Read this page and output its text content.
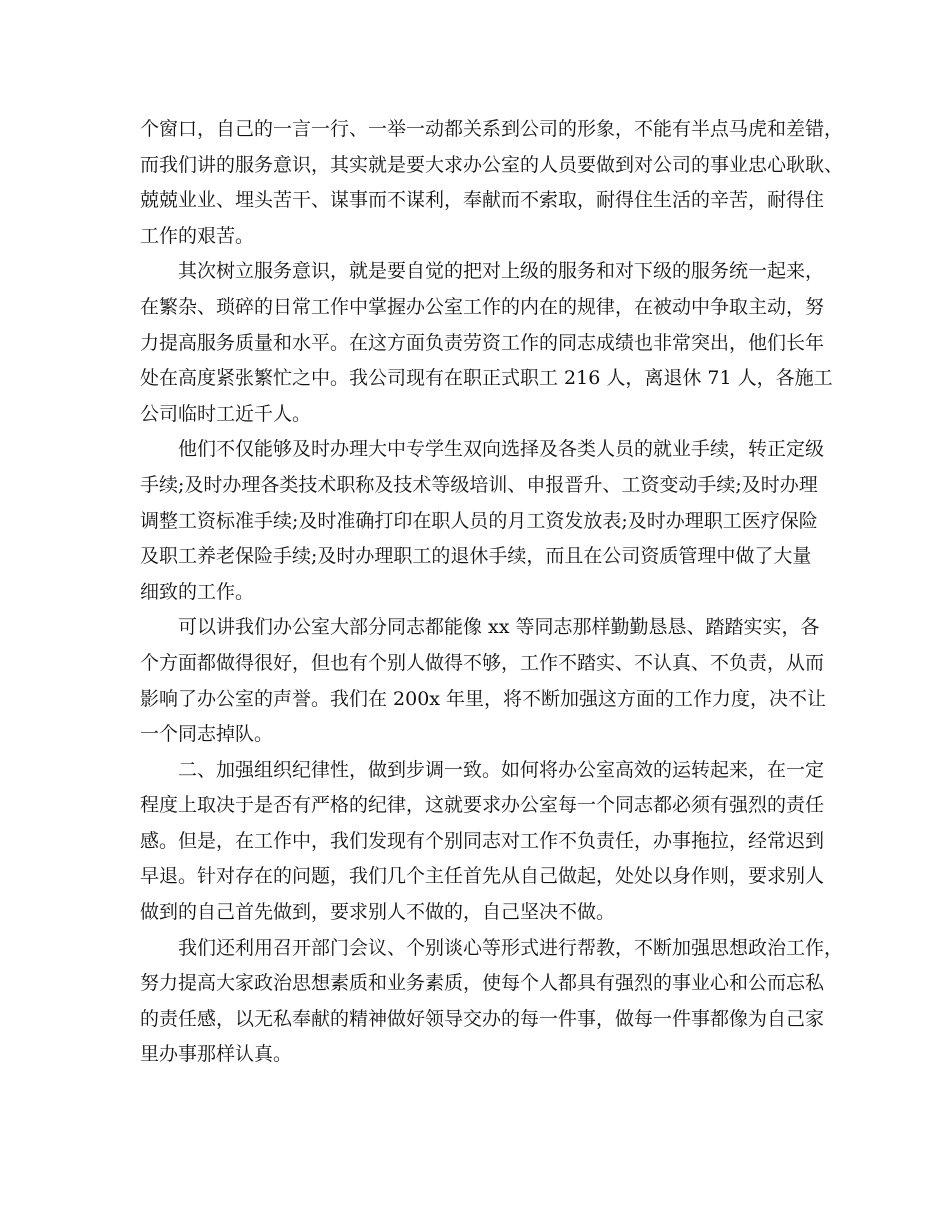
个窗口，自己的一言一行、一举一动都关系到公司的形象，不能有半点马虎和差错，
而我们讲的服务意识，其实就是要大求办公室的人员要做到对公司的事业忠心耿耿、
兢兢业业、埋头苦干、谋事而不谋利，奉献而不索取，耐得住生活的辛苦，耐得住
工作的艰苦。
其次树立服务意识，就是要自觉的把对上级的服务和对下级的服务统一起来，
在繁杂、琐碎的日常工作中掌握办公室工作的内在的规律，在被动中争取主动，努
力提高服务质量和水平。在这方面负责劳资工作的同志成绩也非常突出，他们长年
处在高度紧张繁忙之中。我公司现有在职正式职工 216 人，离退休 71 人，各施工
公司临时工近千人。
他们不仅能够及时办理大中专学生双向选择及各类人员的就业手续，转正定级
手续;及时办理各类技术职称及技术等级培训、申报晋升、工资变动手续;及时办理
调整工资标准手续;及时准确打印在职人员的月工资发放表;及时办理职工医疗保险
及职工养老保险手续;及时办理职工的退休手续，而且在公司资质管理中做了大量
细致的工作。
可以讲我们办公室大部分同志都能像 xx 等同志那样勤勤恳恳、踏踏实实，各
个方面都做得很好，但也有个别人做得不够，工作不踏实、不认真、不负责，从而
影响了办公室的声誉。我们在 200x 年里，将不断加强这方面的工作力度，决不让
一个同志掉队。
二、加强组织纪律性，做到步调一致。如何将办公室高效的运转起来，在一定
程度上取决于是否有严格的纪律，这就要求办公室每一个同志都必须有强烈的责任
感。但是，在工作中，我们发现有个别同志对工作不负责任，办事拖拉，经常迟到
早退。针对存在的问题，我们几个主任首先从自己做起，处处以身作则，要求别人
做到的自己首先做到，要求别人不做的，自己坚决不做。
我们还利用召开部门会议、个别谈心等形式进行帮教，不断加强思想政治工作，
努力提高大家政治思想素质和业务素质，使每个人都具有强烈的事业心和公而忘私
的责任感，以无私奉献的精神做好领导交办的每一件事，做每一件事都像为自己家
里办事那样认真。
